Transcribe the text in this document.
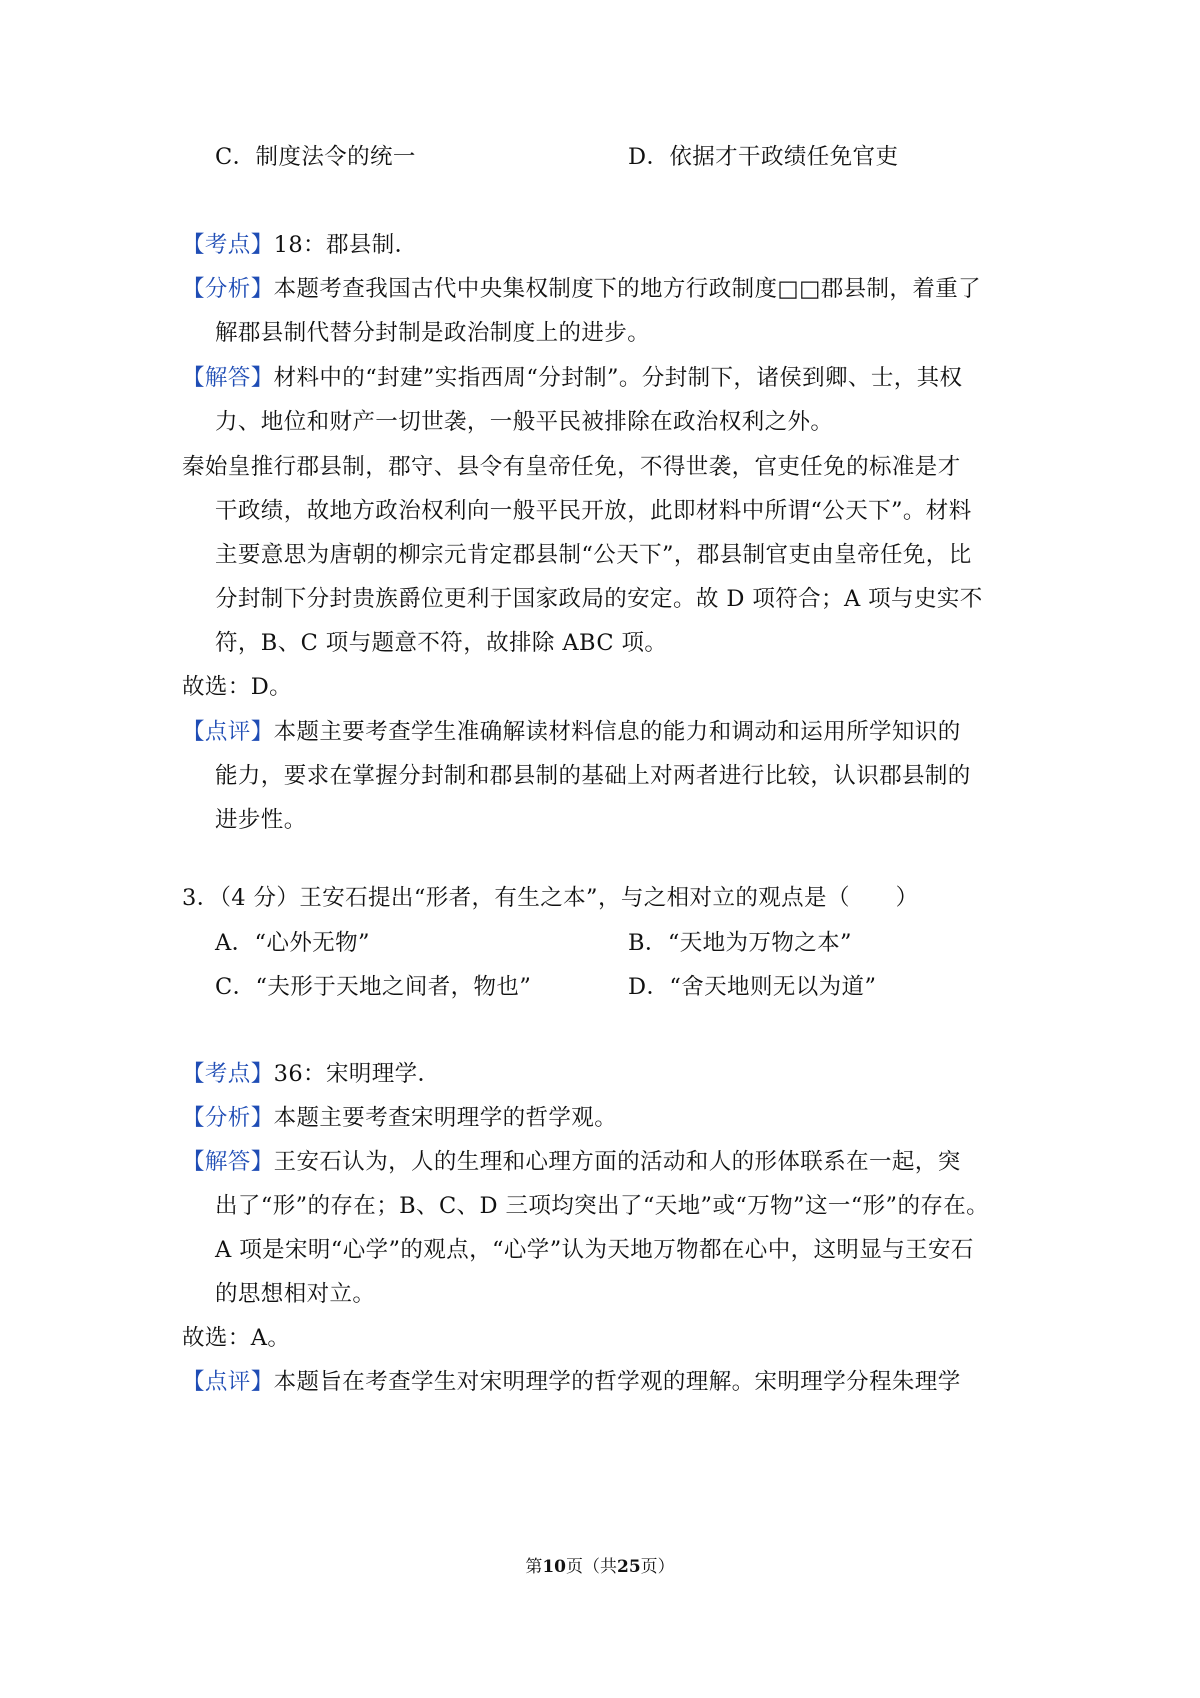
C．制度法令的统一	D．依据才干政绩任免官吏
【考点】18：郡县制．
【分析】本题考查我国古代中央集权制度下的地方行政制度□□郡县制，着重了
解郡县制代替分封制是政治制度上的进步。
【解答】材料中的“封建”实指西周“分封制”。分封制下，诸侯到卿、士，其权
力、地位和财产一切世袭，一般平民被排除在政治权利之外。
秦始皇推行郡县制，郡守、县令有皇帝任免，不得世袭，官吏任免的标准是才
干政绩，故地方政治权利向一般平民开放，此即材料中所谓“公天下”。材料
主要意思为唐朝的柳宗元肯定郡县制“公天下”，郡县制官吏由皇帝任免，比
分封制下分封贵族爵位更利于国家政局的安定。故 D 项符合；A 项与史实不
符，B、C 项与题意不符，故排除 ABC 项。
故选：D。
【点评】本题主要考查学生准确解读材料信息的能力和调动和运用所学知识的
能力，要求在掌握分封制和郡县制的基础上对两者进行比较，认识郡县制的
进步性。
3．（4 分）王安石提出“形者，有生之本”，与之相对立的观点是（　　）
A．“心外无物”	B．“天地为万物之本”
C．“夫形于天地之间者，物也”	D．“舍天地则无以为道”
【考点】36：宋明理学．
【分析】本题主要考查宋明理学的哲学观。
【解答】王安石认为，人的生理和心理方面的活动和人的形体联系在一起，突
出了“形”的存在；B、C、D 三项均突出了“天地”或“万物”这一“形”的存在。
A 项是宋明“心学”的观点，“心学”认为天地万物都在心中，这明显与王安石
的思想相对立。
故选：A。
【点评】本题旨在考查学生对宋明理学的哲学观的理解。宋明理学分程朱理学
第10页（共25页）
